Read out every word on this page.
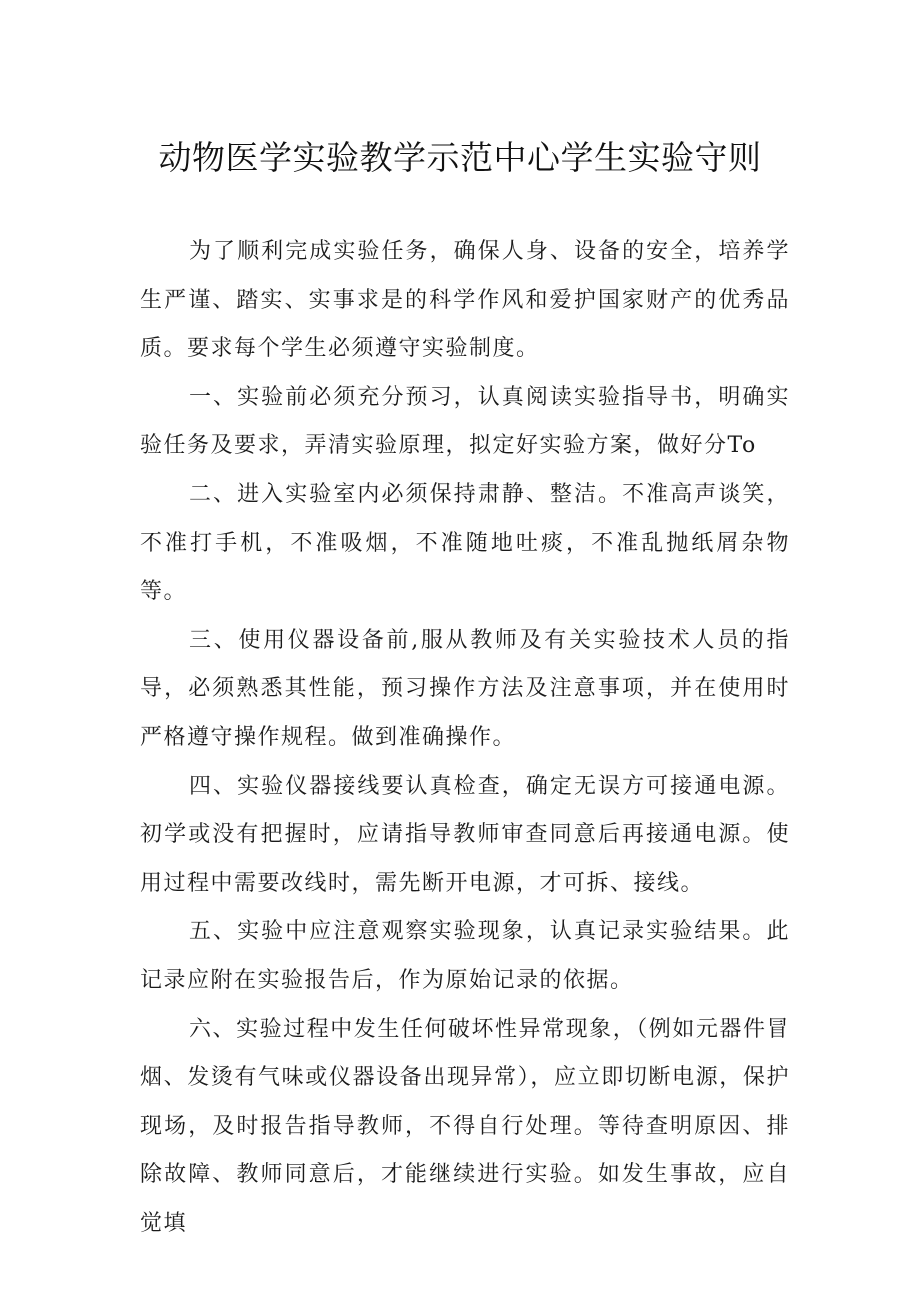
动物医学实验教学示范中心学生实验守则

为了顺利完成实验任务，确保人身、设备的安全，培养学生严谨、踏实、实事求是的科学作风和爱护国家财产的优秀品质。要求每个学生必须遵守实验制度。

一、实验前必须充分预习，认真阅读实验指导书，明确实验任务及要求，弄清实验原理，拟定好实验方案，做好分To

二、进入实验室内必须保持肃静、整洁。不准高声谈笑，不准打手机，不准吸烟，不准随地吐痰，不准乱抛纸屑杂物等。

三、使用仪器设备前,服从教师及有关实验技术人员的指导，必须熟悉其性能，预习操作方法及注意事项，并在使用时严格遵守操作规程。做到准确操作。

四、实验仪器接线要认真检查，确定无误方可接通电源。初学或没有把握时，应请指导教师审查同意后再接通电源。使用过程中需要改线时，需先断开电源，才可拆、接线。

五、实验中应注意观察实验现象，认真记录实验结果。此记录应附在实验报告后，作为原始记录的依据。

六、实验过程中发生任何破坏性异常现象，（例如元器件冒烟、发烫有气味或仪器设备出现异常），应立即切断电源，保护现场，及时报告指导教师，不得自行处理。等待查明原因、排除故障、教师同意后，才能继续进行实验。如发生事故，应自觉填
